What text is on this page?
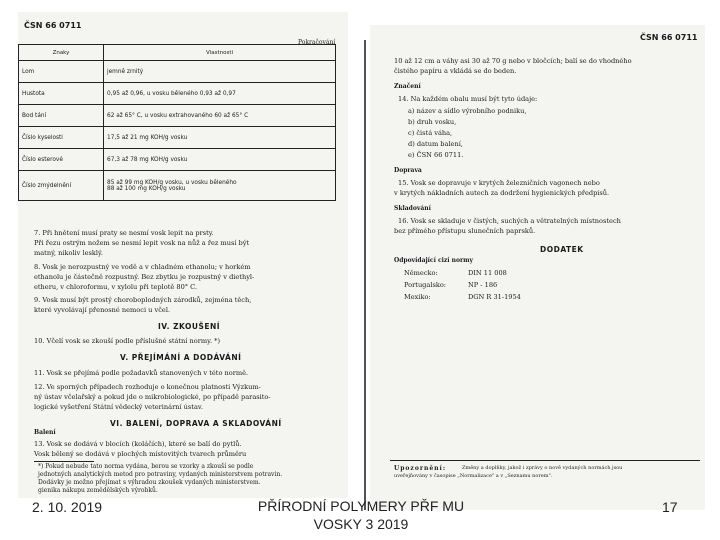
ČSN 66 0711
Pokračování
Znaky	Vlastnosti
Lom	jemně zrnitý
Hustota	0,95 až 0,96, u vosku běleného 0,93 až 0,97
Bod tání	62 až 65° C, u vosku extrahovaného 60 až 65° C
Číslo kyselosti	17,5 až 21 mg KOH/g vosku
Číslo esterové	67,3 až 78 mg KOH/g vosku
Číslo zmýdelnění	85 až 99 mg KOH/g vosku, u vosku běleného
88 až 100 mg KOH/g vosku
7. Při hnětení musí praty se nesmí vosk lepit na prsty.
Při řezu ostrým nožem se nesmí lepit vosk na nůž a řez musí být
matný, nikoliv lesklý.
8. Vosk je nerozpustný ve vodě a v chladném ethanolu; v horkém
ethanolu je částečně rozpustný. Bez zbytku je rozpustný v diethyl-
etheru, v chloroformu, v xylolu při teplotě 80° C.
9. Vosk musí být prostý choroboplodných zárodků, zejména těch,
které vyvolávají přenosné nemoci u včel.
IV. ZKOUŠENÍ
10. Včelí vosk se zkouší podle příslušné státní normy. *)
V. PŘEJÍMÁNÍ A DODÁVÁNÍ
11. Vosk se přejímá podle požadavků stanovených v této normě.
12. Ve sporných případech rozhoduje o konečnou platnosti Výzkum-
ný ústav včelařský a pokud jde o mikrobiologické, po případě parasito-
logické vyšetření Státní vědecký veterinární ústav.
VI. BALENÍ, DOPRAVA A SKLADOVÁNÍ
Balení
13. Vosk se dodává v blocích (koláčích), které se balí do pytlů.
Vosk bělený se dodává v plochých místovitých tvarech průměru
*) Pokud nebude tato norma vydána, berou se vzorky a zkouší se podle
jednotných analytických metod pro potraviny, vydaných ministerstvem potravin.
Dodávky je možno přejímat s výhradou zkoušek vydaných ministerstvem.
gienika nákupu zemědělských výrobků.
ČSN 66 0711
10 až 12 cm a váhy asi 30 až 70 g nebo v bločcích; balí se do vhodného
čistého papíru a vkládá se do beden.
Značení
14. Na každém obalu musí být tyto údaje:
a) název a sídlo výrobního podniku,
b) druh vosku,
c) čistá váha,
d) datum balení,
e) ČSN 66 0711.
Doprava
15. Vosk se dopravuje v krytých železničních vagonech nebo
v krytých nákladních autech za dodržení hygienických předpisů.
Skladování
16. Vosk se skladuje v čistých, suchých a větratelných místnostech
bez přímého přístupu slunečních paprsků.
DODATEK
Odpovídající cizí normy
Německo:	DIN 11 008
Portugalsko:	NP - 186
Mexiko:	DGN R 31-1954
Upozornění:	Změny a doplňky, jakož i zprávy o nově vydaných normách jsou
uveřejňovány v časopise „Normalizace" a v „Seznamu norem".
2. 10. 2019	PŘÍRODNÍ POLYMERY PŘF MU
VOSKY 3 2019
17
